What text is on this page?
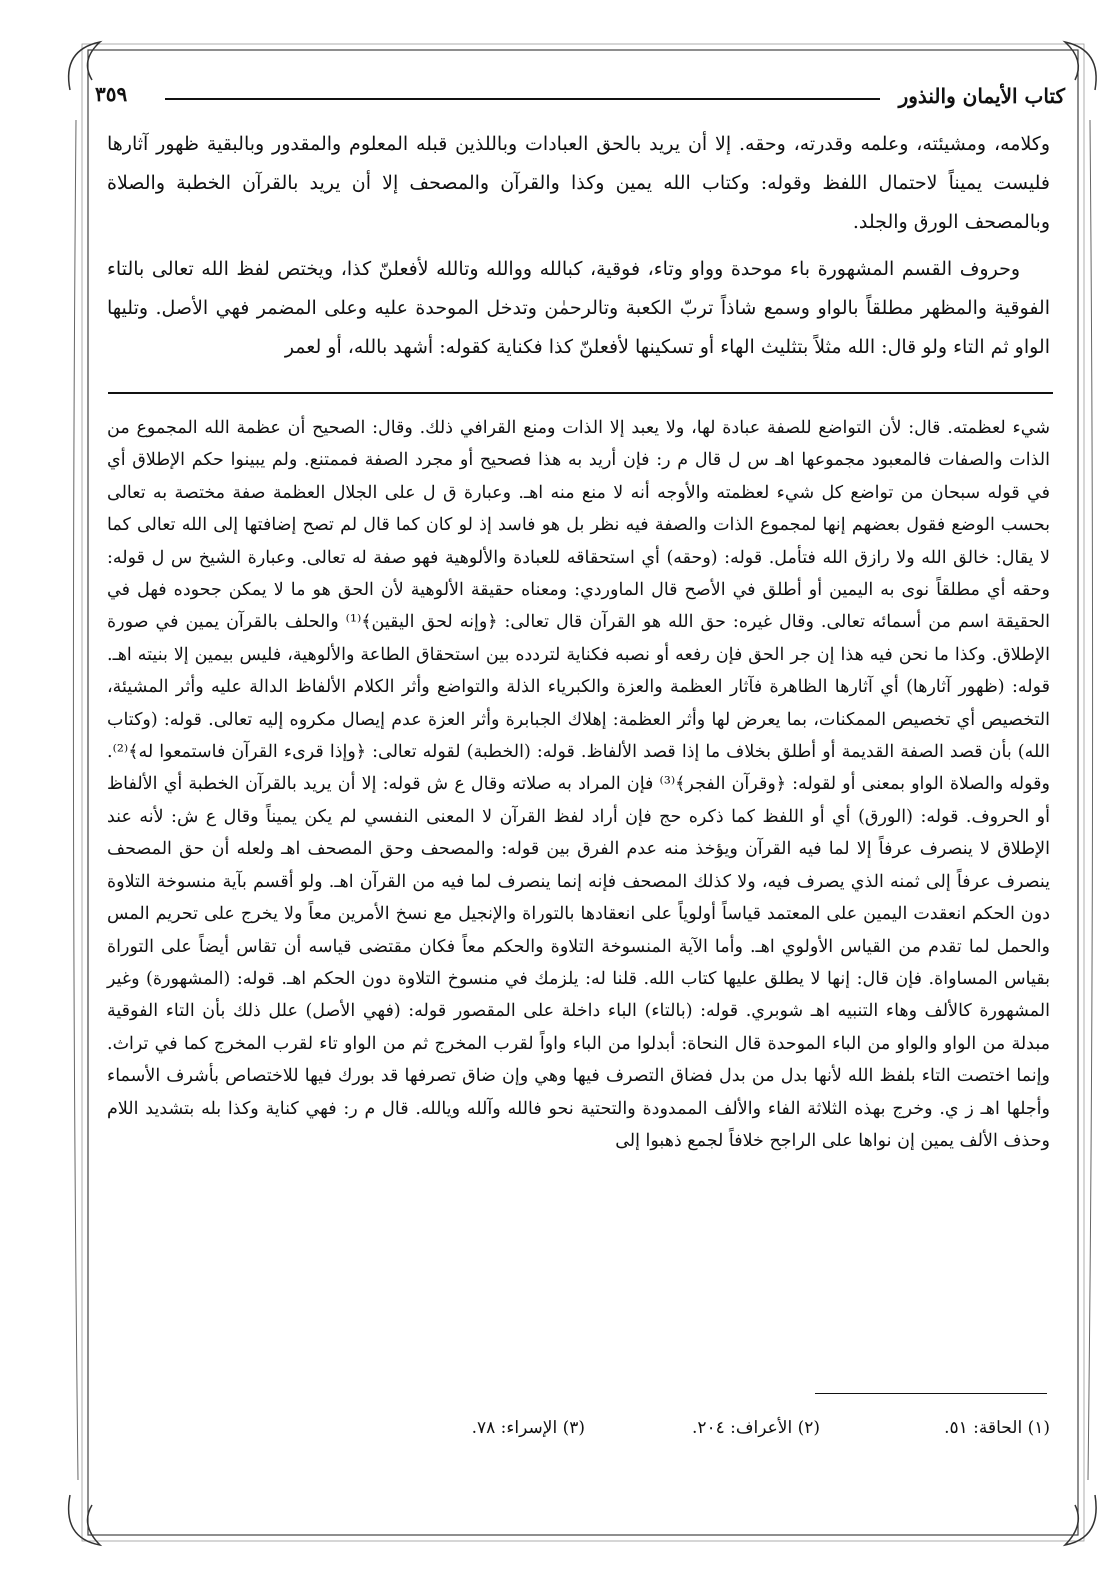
كتاب الأيمان والنذور
٣٥٩

وكلامه، ومشيئته، وعلمه وقدرته، وحقه. إلا أن يريد بالحق العبادات وباللذين قبله المعلوم والمقدور وبالبقية ظهور آثارها فليست يميناً لاحتمال اللفظ وقوله: وكتاب الله يمين وكذا والقرآن والمصحف إلا أن يريد بالقرآن الخطبة والصلاة وبالمصحف الورق والجلد.

وحروف القسم المشهورة باء موحدة وواو وتاء، فوقية، كبالله ووالله وتالله لأفعلنّ كذا، ويختص لفظ الله تعالى بالتاء الفوقية والمظهر مطلقاً بالواو وسمع شاذاً تربّ الكعبة وتالرحمٰن وتدخل الموحدة عليه وعلى المضمر فهي الأصل. وتليها الواو ثم التاء ولو قال: الله مثلاً بتثليث الهاء أو تسكينها لأفعلنّ كذا فكناية كقوله: أشهد بالله، أو لعمر

شيء لعظمته. قال: لأن التواضع للصفة عبادة لها، ولا يعبد إلا الذات ومنع القرافي ذلك. وقال: الصحيح أن عظمة الله المجموع من الذات والصفات فالمعبود مجموعها اهـ س ل قال م ر: فإن أريد به هذا فصحيح أو مجرد الصفة فممتنع. ولم يبينوا حكم الإطلاق أي في قوله سبحان من تواضع كل شيء لعظمته والأوجه أنه لا منع منه اهـ. وعبارة ق ل على الجلال العظمة صفة مختصة به تعالى بحسب الوضع فقول بعضهم إنها لمجموع الذات والصفة فيه نظر بل هو فاسد إذ لو كان كما قال لم تصح إضافتها إلى الله تعالى كما لا يقال: خالق الله ولا رازق الله فتأمل. قوله: (وحقه) أي استحقاقه للعبادة والألوهية فهو صفة له تعالى. وعبارة الشيخ س ل قوله: وحقه أي مطلقاً نوى به اليمين أو أطلق في الأصح قال الماوردي: ومعناه حقيقة الألوهية لأن الحق هو ما لا يمكن جحوده فهل في الحقيقة اسم من أسمائه تعالى. وقال غيره: حق الله هو القرآن قال تعالى: ﴿وإنه لحق اليقين﴾⁽¹⁾ والحلف بالقرآن يمين في صورة الإطلاق. وكذا ما نحن فيه هذا إن جر الحق فإن رفعه أو نصبه فكناية لتردده بين استحقاق الطاعة والألوهية، فليس بيمين إلا بنيته اهـ. قوله: (ظهور آثارها) أي آثارها الظاهرة فآثار العظمة والعزة والكبرياء الذلة والتواضع وأثر الكلام الألفاظ الدالة عليه وأثر المشيئة، التخصيص أي تخصيص الممكنات، بما يعرض لها وأثر العظمة: إهلاك الجبابرة وأثر العزة عدم إيصال مكروه إليه تعالى. قوله: (وكتاب الله) بأن قصد الصفة القديمة أو أطلق بخلاف ما إذا قصد الألفاظ. قوله: (الخطبة) لقوله تعالى: ﴿وإذا قرىء القرآن فاستمعوا له﴾⁽²⁾. وقوله والصلاة الواو بمعنى أو لقوله: ﴿وقرآن الفجر﴾⁽³⁾ فإن المراد به صلاته وقال ع ش قوله: إلا أن يريد بالقرآن الخطبة أي الألفاظ أو الحروف. قوله: (الورق) أي أو اللفظ كما ذكره حج فإن أراد لفظ القرآن لا المعنى النفسي لم يكن يميناً وقال ع ش: لأنه عند الإطلاق لا ينصرف عرفاً إلا لما فيه القرآن ويؤخذ منه عدم الفرق بين قوله: والمصحف وحق المصحف اهـ ولعله أن حق المصحف ينصرف عرفاً إلى ثمنه الذي يصرف فيه، ولا كذلك المصحف فإنه إنما ينصرف لما فيه من القرآن اهـ. ولو أقسم بآية منسوخة التلاوة دون الحكم انعقدت اليمين على المعتمد قياساً أولوياً على انعقادها بالتوراة والإنجيل مع نسخ الأمرين معاً ولا يخرج على تحريم المس والحمل لما تقدم من القياس الأولوي اهـ. وأما الآية المنسوخة التلاوة والحكم معاً فكان مقتضى قياسه أن تقاس أيضاً على التوراة بقياس المساواة. فإن قال: إنها لا يطلق عليها كتاب الله. قلنا له: يلزمك في منسوخ التلاوة دون الحكم اهـ. قوله: (المشهورة) وغير المشهورة كالألف وهاء التنبيه اهـ شوبري. قوله: (بالتاء) الباء داخلة على المقصور قوله: (فهي الأصل) علل ذلك بأن التاء الفوقية مبدلة من الواو والواو من الباء الموحدة قال النحاة: أبدلوا من الباء واواً لقرب المخرج ثم من الواو تاء لقرب المخرج كما في تراث. وإنما اختصت التاء بلفظ الله لأنها بدل من بدل فضاق التصرف فيها وهي وإن ضاق تصرفها قد بورك فيها للاختصاص بأشرف الأسماء وأجلها اهـ ز ي. وخرج بهذه الثلاثة الفاء والألف الممدودة والتحتية نحو فالله وآلله ويالله. قال م ر: فهي كناية وكذا بله بتشديد اللام وحذف الألف يمين إن نواها على الراجح خلافاً لجمع ذهبوا إلى

(١) الحاقة: ٥١.
(٢) الأعراف: ٢٠٤.
(٣) الإسراء: ٧٨.
